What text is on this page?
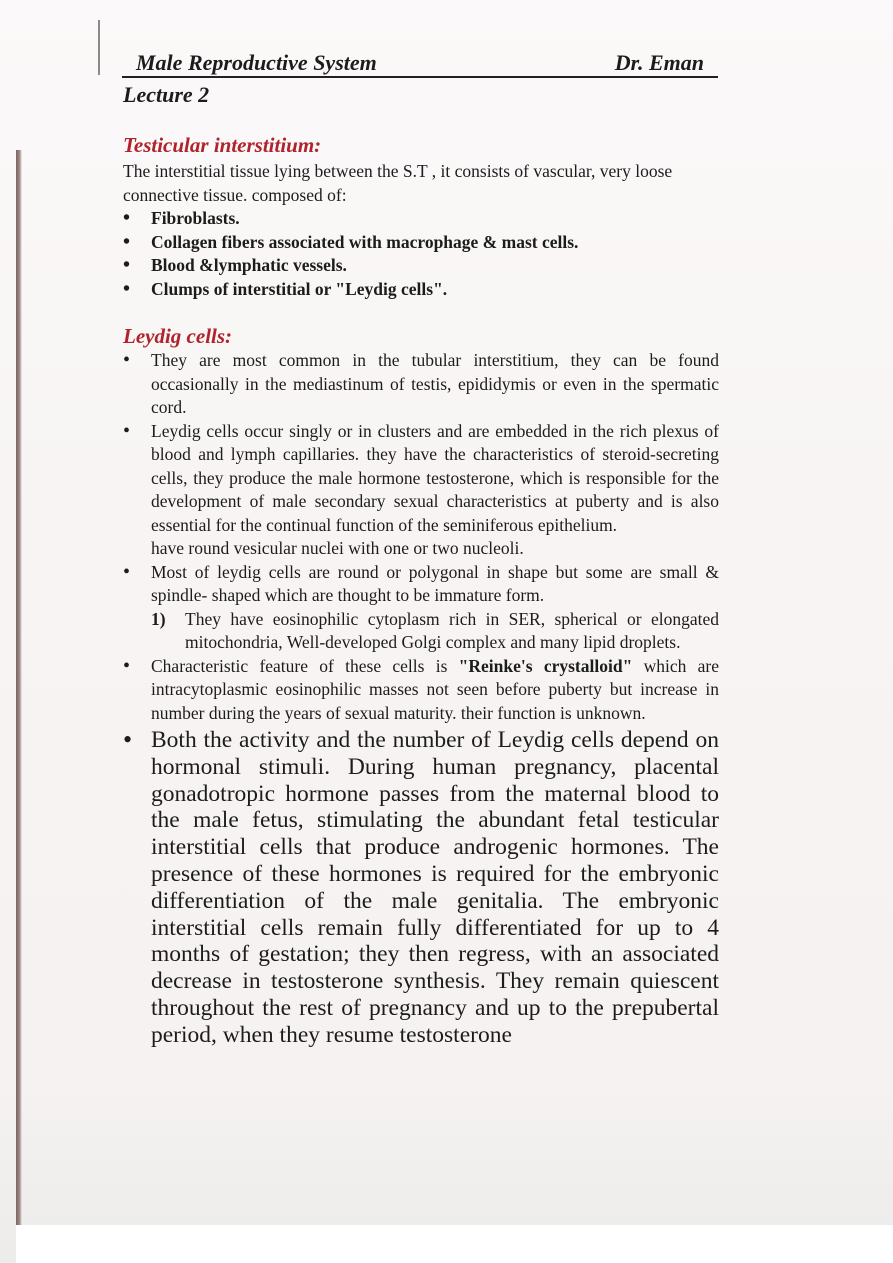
Male Reproductive System	Dr. Eman
Lecture 2
Testicular interstitium:

The interstitial tissue lying between the S.T , it consists of vascular, very loose connective tissue. composed of:

• Fibroblasts.
• Collagen fibers associated with macrophage & mast cells.
• Blood &lymphatic vessels.
• Clumps of interstitial or "Leydig cells".
Leydig cells:
• They are most common in the tubular interstitium, they can be found occasionally in the mediastinum of testis, epididymis or even in the spermatic cord.
• Leydig cells occur singly or in clusters and are embedded in the rich plexus of blood and lymph capillaries. they have the characteristics of steroid-secreting cells, they produce the male hormone testosterone, which is responsible for the development of male secondary sexual characteristics at puberty and is also essential for the continual function of the seminiferous epithelium.
have round vesicular nuclei with one or two nucleoli.
• Most of leydig cells are round or polygonal in shape but some are small & spindle- shaped which are thought to be immature form.
1) They have eosinophilic cytoplasm rich in SER, spherical or elongated mitochondria, Well-developed Golgi complex and many lipid droplets.
• Characteristic feature of these cells is "Reinke's crystalloid" which are intracytoplasmic eosinophilic masses not seen before puberty but increase in number during the years of sexual maturity. their function is unknown.
• Both the activity and the number of Leydig cells depend on hormonal stimuli. During human pregnancy, placental gonadotropic hormone passes from the maternal blood to the male fetus, stimulating the abundant fetal testicular interstitial cells that produce androgenic hormones. The presence of these hormones is required for the embryonic differentiation of the male genitalia. The embryonic interstitial cells remain fully differentiated for up to 4 months of gestation; they then regress, with an associated decrease in testosterone synthesis. They remain quiescent throughout the rest of pregnancy and up to the prepubertal period, when they resume testosterone
